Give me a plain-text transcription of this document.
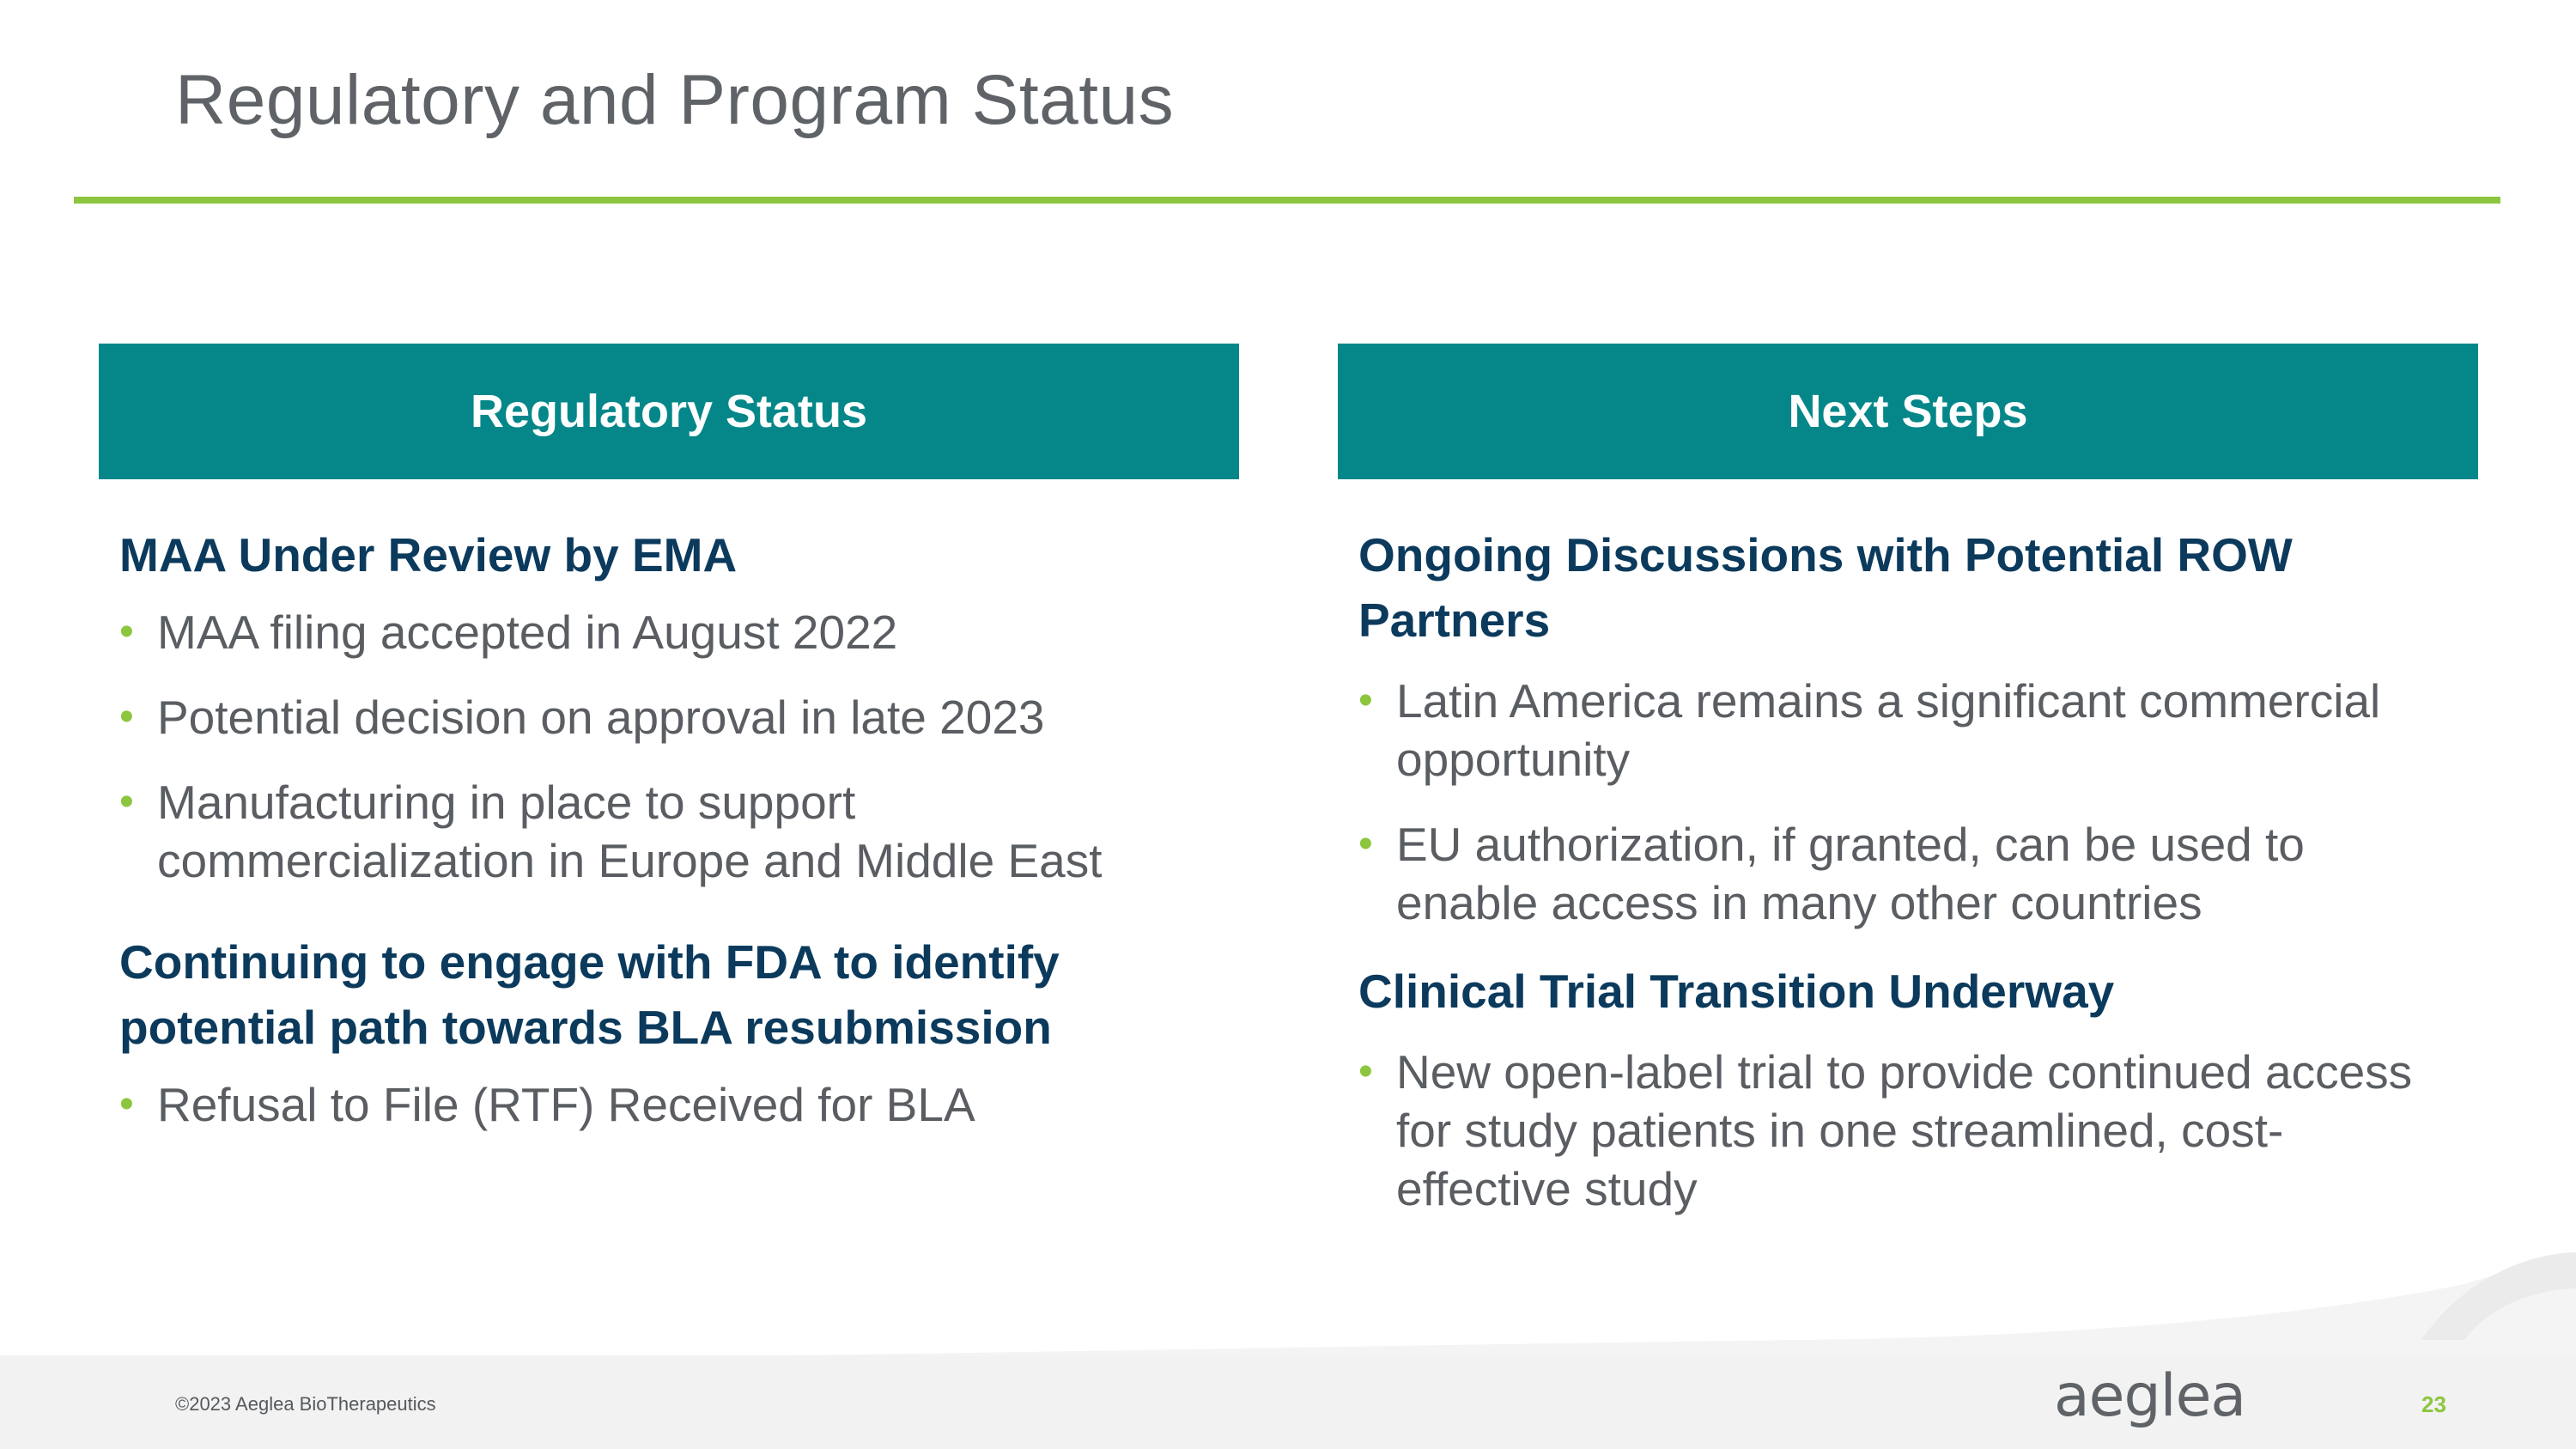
Regulatory and Program Status
Regulatory Status

MAA Under Review by EMA

• MAA filing accepted in August 2022
• Potential decision on approval in late 2023
• Manufacturing in place to support commercialization in Europe and Middle East

Continuing to engage with FDA to identify potential path towards BLA resubmission

• Refusal to File (RTF) Received for BLA
Next Steps

Ongoing Discussions with Potential ROW Partners

• Latin America remains a significant commercial opportunity
• EU authorization, if granted, can be used to enable access in many other countries

Clinical Trial Transition Underway

• New open-label trial to provide continued access for study patients in one streamlined, cost-effective study
©2023 Aeglea BioTherapeutics	aeglea	23
